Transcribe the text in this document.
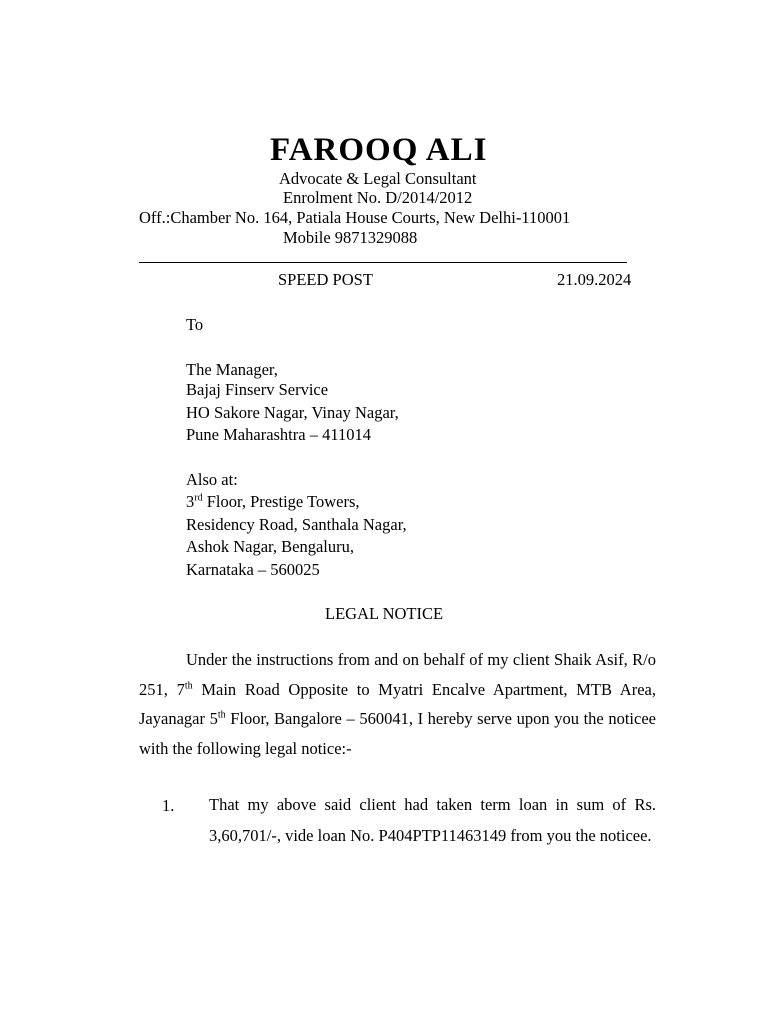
FAROOQ ALI
Advocate & Legal Consultant
Enrolment No. D/2014/2012
Off.:Chamber No. 164, Patiala House Courts, New Delhi-110001
Mobile 9871329088
SPEED POST	21.09.2024
To
The Manager,
Bajaj Finserv Service
HO Sakore Nagar, Vinay Nagar,
Pune Maharashtra – 411014
Also at:
3rd Floor, Prestige Towers,
Residency Road, Santhala Nagar,
Ashok Nagar, Bengaluru,
Karnataka – 560025
LEGAL NOTICE
Under the instructions from and on behalf of my client Shaik Asif, R/o 251, 7th Main Road Opposite to Myatri Encalve Apartment, MTB Area, Jayanagar 5th Floor, Bangalore – 560041, I hereby serve upon you the noticee with the following legal notice:-
1. That my above said client had taken term loan in sum of Rs. 3,60,701/-, vide loan No. P404PTP11463149 from you the noticee.
